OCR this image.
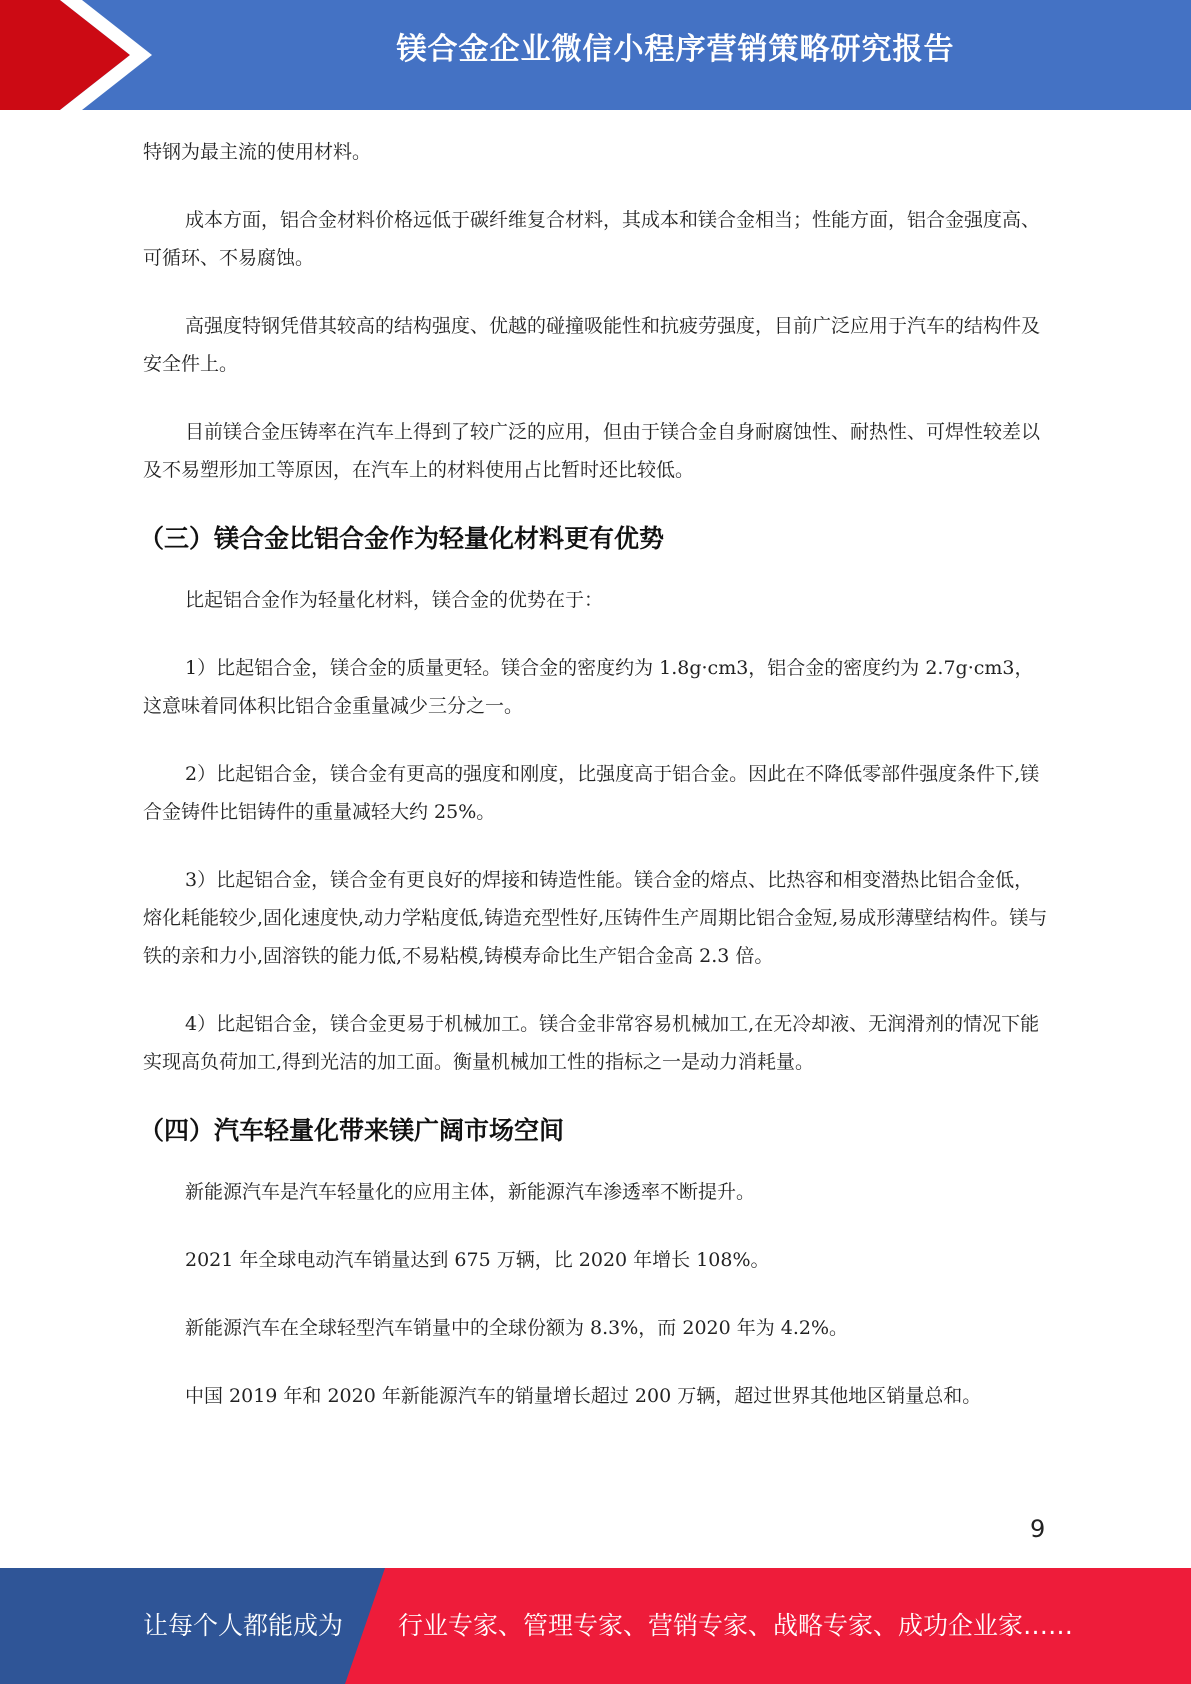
镁合金企业微信小程序营销策略研究报告

特钢为最主流的使用材料。

成本方面，铝合金材料价格远低于碳纤维复合材料，其成本和镁合金相当；性能方面，铝合金强度高、可循环、不易腐蚀。

高强度特钢凭借其较高的结构强度、优越的碰撞吸能性和抗疲劳强度，目前广泛应用于汽车的结构件及安全件上。

目前镁合金压铸率在汽车上得到了较广泛的应用，但由于镁合金自身耐腐蚀性、耐热性、可焊性较差以及不易塑形加工等原因，在汽车上的材料使用占比暂时还比较低。

（三）镁合金比铝合金作为轻量化材料更有优势

比起铝合金作为轻量化材料，镁合金的优势在于：

1）比起铝合金，镁合金的质量更轻。镁合金的密度约为 1.8g·cm3，铝合金的密度约为 2.7g·cm3，这意味着同体积比铝合金重量减少三分之一。

2）比起铝合金，镁合金有更高的强度和刚度，比强度高于铝合金。因此在不降低零部件强度条件下,镁合金铸件比铝铸件的重量减轻大约 25%。

3）比起铝合金，镁合金有更良好的焊接和铸造性能。镁合金的熔点、比热容和相变潜热比铝合金低，熔化耗能较少,固化速度快,动力学粘度低,铸造充型性好,压铸件生产周期比铝合金短,易成形薄壁结构件。镁与铁的亲和力小,固溶铁的能力低,不易粘模,铸模寿命比生产铝合金高 2.3 倍。

4）比起铝合金，镁合金更易于机械加工。镁合金非常容易机械加工,在无冷却液、无润滑剂的情况下能实现高负荷加工,得到光洁的加工面。衡量机械加工性的指标之一是动力消耗量。

（四）汽车轻量化带来镁广阔市场空间

新能源汽车是汽车轻量化的应用主体，新能源汽车渗透率不断提升。

2021 年全球电动汽车销量达到 675 万辆，比 2020 年增长 108%。

新能源汽车在全球轻型汽车销量中的全球份额为 8.3%，而 2020 年为 4.2%。

中国 2019 年和 2020 年新能源汽车的销量增长超过 200 万辆，超过世界其他地区销量总和。

9
让每个人都能成为 行业专家、管理专家、营销专家、战略专家、成功企业家……
